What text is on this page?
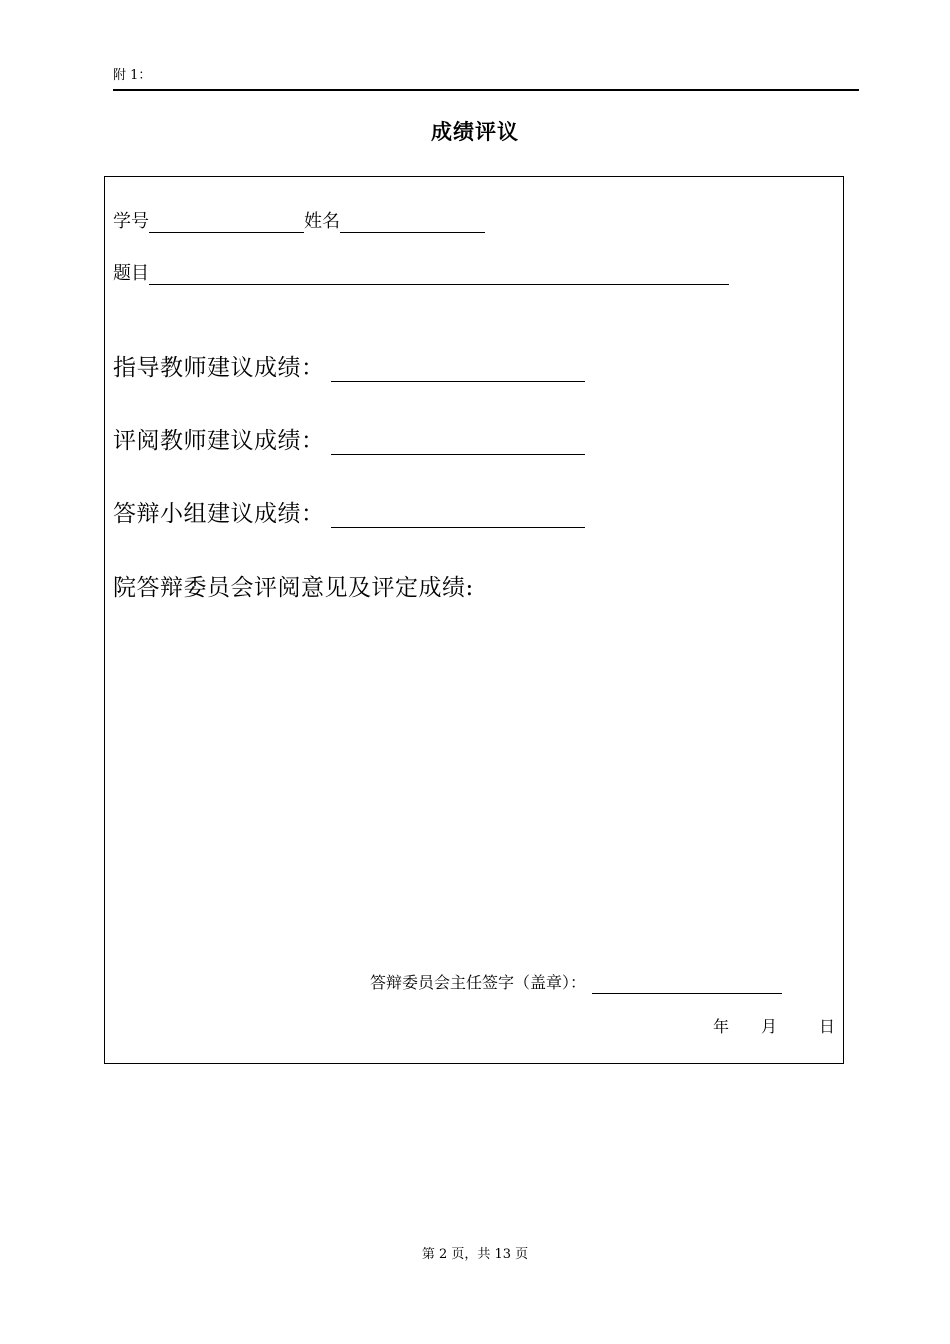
附 1：
成绩评议
学号	姓名
题目
指导教师建议成绩：
评阅教师建议成绩：
答辩小组建议成绩：
院答辩委员会评阅意见及评定成绩:
答辩委员会主任签字（盖章）：
年 月	日
第 2 页，共 13 页
